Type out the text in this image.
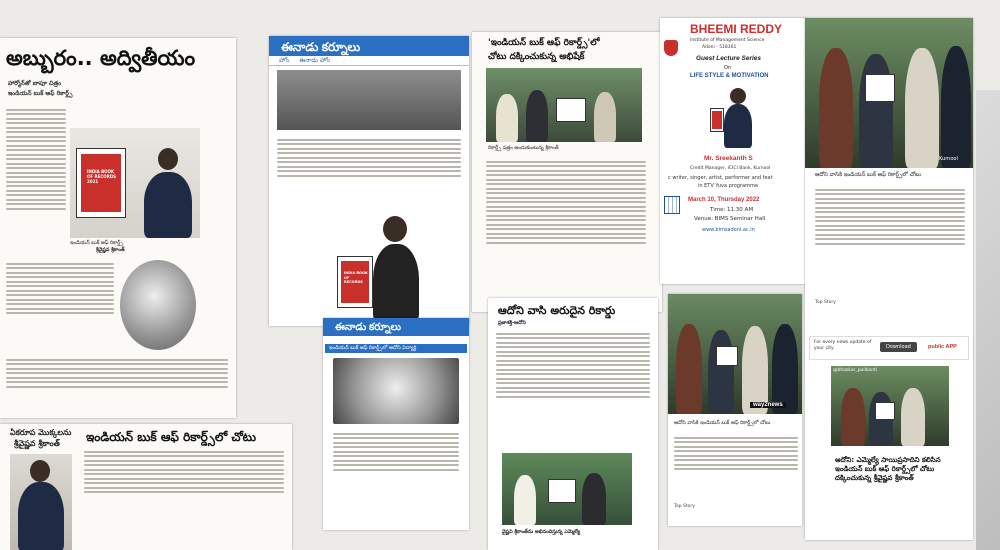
అబ్బురం.. అద్వితీయం
హార్మోన్‌తో బాపూ చిత్రం
ఇండియన్ బుక్ ఆఫ్ రికార్డ్స్
INDIA BOOK OF RECORDS 2021
ఇండియన్ బుక్ ఆఫ్ రికార్డ్స్
శ్రీవైష్ణవ శ్రీకాంత్
ఏకరూప మొక్కలను
శ్రీవైష్ణవ శ్రీకాంత్ ఇండియన్ బుక్ ఆఫ్ రికార్డ్స్‌లో చోటు
ఈనాడు కర్నూలు
హోం ఈనాడు హోం
INDIA BOOK OF RECORDS
ఈనాడు కర్నూలు
ఇండియన్ బుక్ ఆఫ్ రికార్డ్స్‌లో ఆదోని విద్యార్థి
'ఇండియన్ బుక్ ఆఫ్ రికార్డ్స్'లో
చోటు దక్కించుకున్న అభిషేక్
రికార్డ్స్ పత్రం అందుకుంటున్న శ్రీకాంత్
ఆదోని వాసి అరుదైన రికార్డు
ప్రజాశక్తి-ఆదోని
వైష్ణవి శ్రీకాంత్‌ను అభినందిస్తున్న ఎమ్మెల్యే
BHEEMI REDDY
Institute of Management Science
Adoni - 518301
Guest Lecture Series
On
LIFE STYLE & MOTIVATION
Mr. Sreekanth S
Credit Manager, ICICI Bank, Kurnool
c writer, singer, artist, performer and feat
in ETV Yuva programme
March 10, Thursday 2022
Time: 11.30 AM
Venue: BIMS Seminar Hall
www.bimsadoni.ac.in
Kurnool
ఆదోని వాసికి ఇండియన్ బుక్ ఆఫ్ రికార్డ్స్‌లో చోటు
Top Story
For every news update of your city	Download	public APP
@bhaskar_pulikanti
ఆదోని: ఎమ్మెల్యే సాయిప్రసాదిని కలిసిన ఇండియన్ బుక్ ఆఫ్ రికార్డ్స్‌లో చోటు దక్కించుకున్న శ్రీవైష్ణవ శ్రీకాంత్
way2news
ఆదోని వాసికి ఇండియన్ బుక్ ఆఫ్ రికార్డ్స్‌లో చోటు
Top Story
